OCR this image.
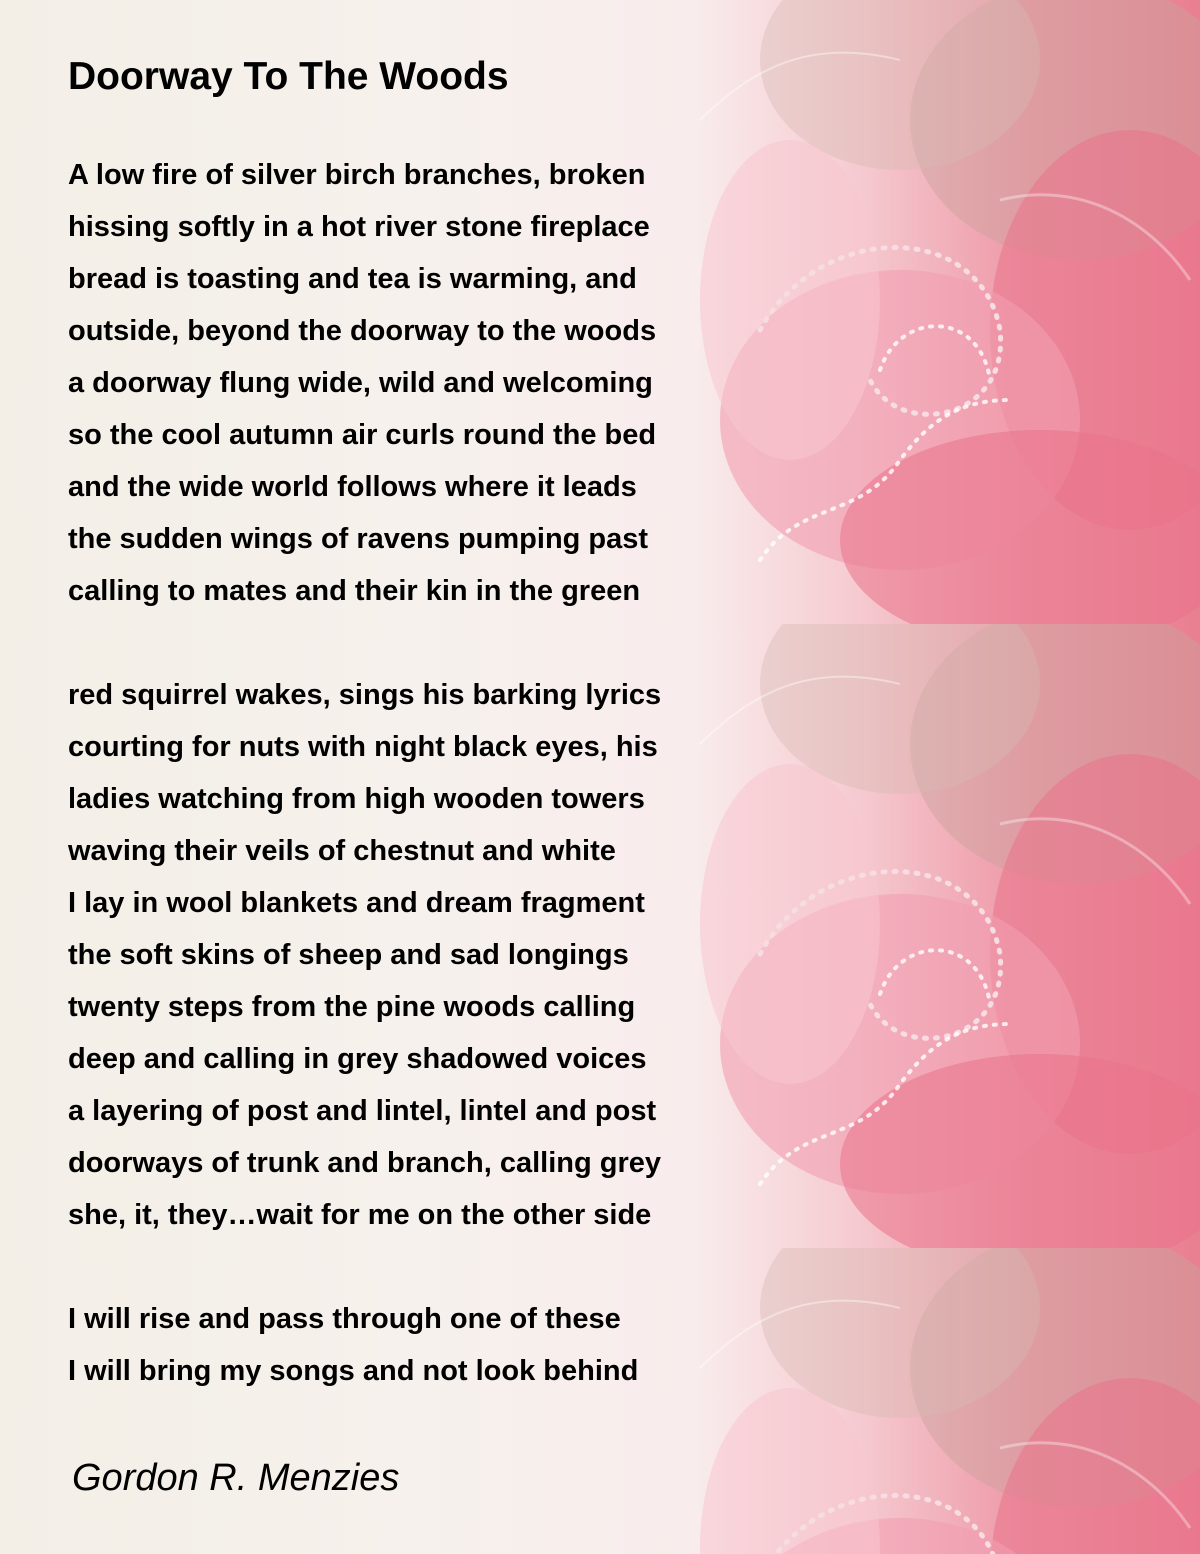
Doorway To The Woods
A low fire of silver birch branches, broken
hissing softly in a hot river stone fireplace
bread is toasting and tea is warming, and
outside, beyond the doorway to the woods
a doorway flung wide, wild and welcoming
so the cool autumn air curls round the bed
and the wide world follows where it leads
the sudden wings of ravens pumping past
calling to mates and their kin in the green
red squirrel wakes, sings his barking lyrics
courting for nuts with night black eyes, his
ladies watching from high wooden towers
waving their veils of chestnut and white
I lay in wool blankets and dream fragment
the soft skins of sheep and sad longings
twenty steps from the pine woods calling
deep and calling in grey shadowed voices
a layering of post and lintel, lintel and post
doorways of trunk and branch, calling grey
she, it, they…wait for me on the other side
I will rise and pass through one of these
I will bring my songs and not look behind

Gordon R. Menzies
